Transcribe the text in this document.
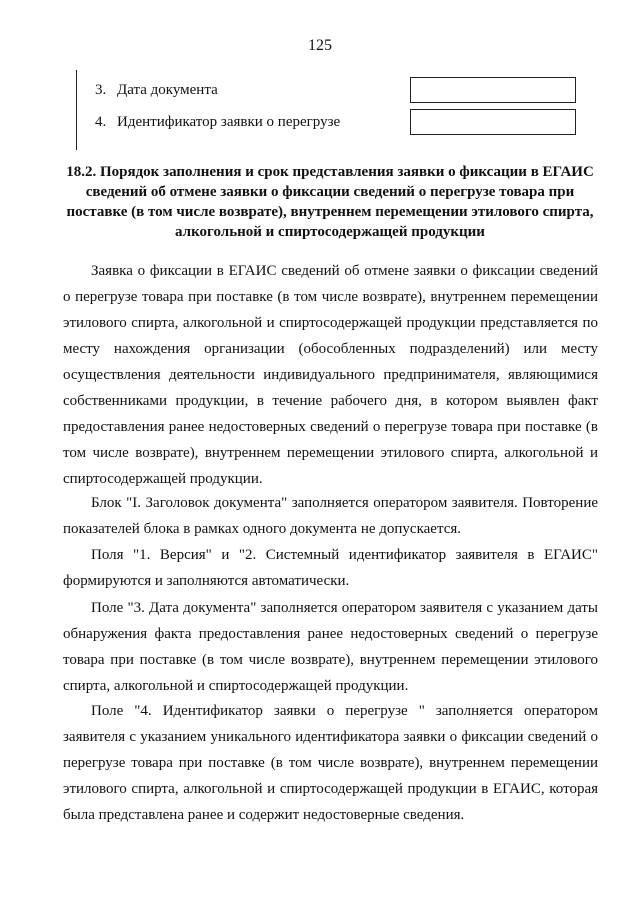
125
3. Дата документа
4. Идентификатор заявки о перегрузе
18.2. Порядок заполнения и срок представления заявки о фиксации в ЕГАИС сведений об отмене заявки о фиксации сведений о перегрузе товара при поставке (в том числе возврате), внутреннем перемещении этилового спирта, алкогольной и спиртосодержащей продукции

Заявка о фиксации в ЕГАИС сведений об отмене заявки о фиксации сведений о перегрузе товара при поставке (в том числе возврате), внутреннем перемещении этилового спирта, алкогольной и спиртосодержащей продукции представляется по месту нахождения организации (обособленных подразделений) или месту осуществления деятельности индивидуального предпринимателя, являющимися собственниками продукции, в течение рабочего дня, в котором выявлен факт предоставления ранее недостоверных сведений о перегрузе товара при поставке (в том числе возврате), внутреннем перемещении этилового спирта, алкогольной и спиртосодержащей продукции.

Блок "I. Заголовок документа" заполняется оператором заявителя. Повторение показателей блока в рамках одного документа не допускается.

Поля "1. Версия" и "2. Системный идентификатор заявителя в ЕГАИС" формируются и заполняются автоматически.

Поле "3. Дата документа" заполняется оператором заявителя с указанием даты обнаружения факта предоставления ранее недостоверных сведений о перегрузе товара при поставке (в том числе возврате), внутреннем перемещении этилового спирта, алкогольной и спиртосодержащей продукции.

Поле "4. Идентификатор заявки о перегрузе " заполняется оператором заявителя с указанием уникального идентификатора заявки о фиксации сведений о перегрузе товара при поставке (в том числе возврате), внутреннем перемещении этилового спирта, алкогольной и спиртосодержащей продукции в ЕГАИС, которая была представлена ранее и содержит недостоверные сведения.
